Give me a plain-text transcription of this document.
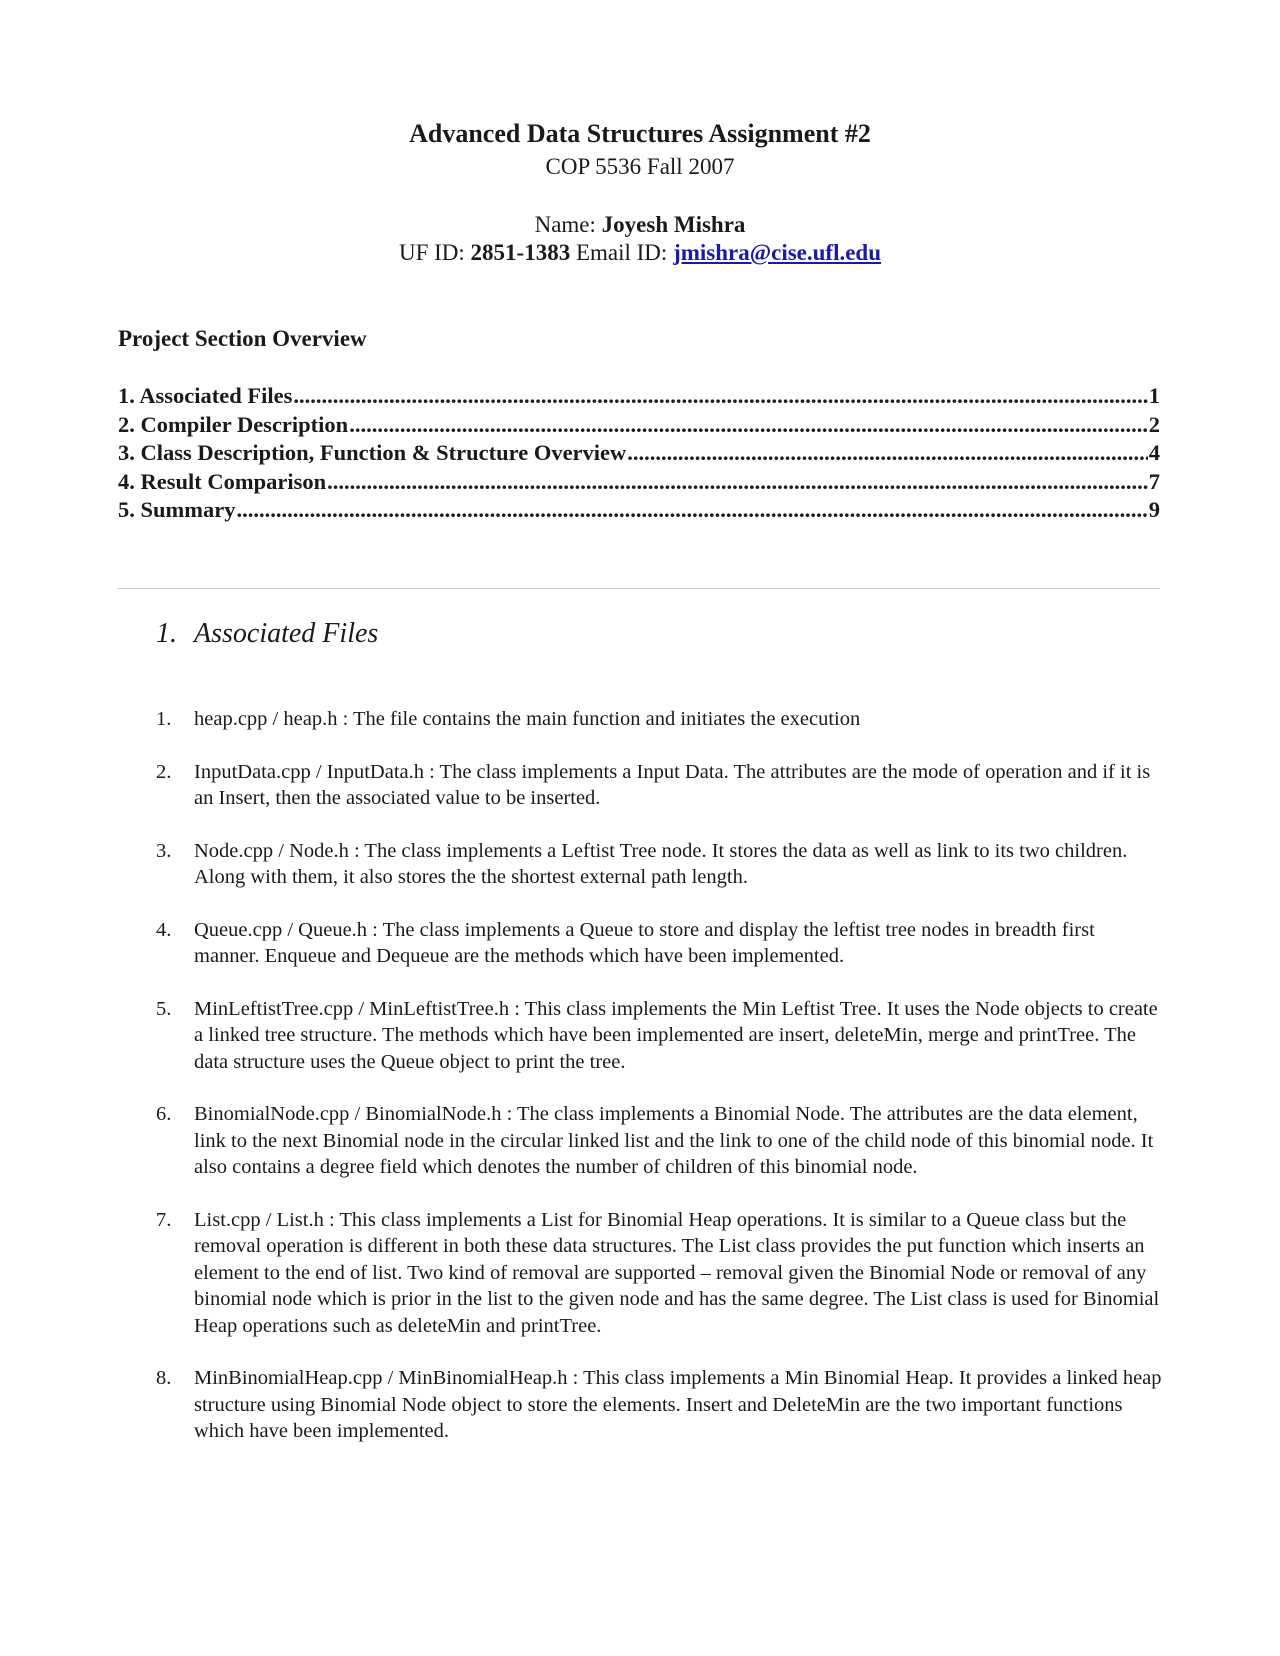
Advanced Data Structures Assignment #2
COP 5536 Fall 2007
Name: Joyesh Mishra
UF ID: 2851-1383 Email ID: jmishra@cise.ufl.edu
Project Section Overview
1. Associated Files .....	1
2. Compiler Description .....	2
3. Class Description, Function & Structure Overview .....	4
4. Result Comparison .....	7
5. Summary .....	9
1. Associated Files
1.	heap.cpp / heap.h : The file contains the main function and initiates the execution
2.	InputData.cpp / InputData.h : The class implements a Input Data. The attributes are the mode of operation and if it is an Insert, then the associated value to be inserted.
3.	Node.cpp / Node.h : The class implements a Leftist Tree node. It stores the data as well as link to its two children. Along with them, it also stores the the shortest external path length.
4.	Queue.cpp / Queue.h : The class implements a Queue to store and display the leftist tree nodes in breadth first manner. Enqueue and Dequeue are the methods which have been implemented.
5.	MinLeftistTree.cpp / MinLeftistTree.h : This class implements the Min Leftist Tree. It uses the Node objects to create a linked tree structure. The methods which have been implemented are insert, deleteMin, merge and printTree. The data structure uses the Queue object to print the tree.
6.	BinomialNode.cpp / BinomialNode.h : The class implements a Binomial Node. The attributes are the data element, link to the next Binomial node in the circular linked list and the link to one of the child node of this binomial node. It also contains a degree field which denotes the number of children of this binomial node.
7.	List.cpp / List.h : This class implements a List for Binomial Heap operations. It is similar to a Queue class but the removal operation is different in both these data structures. The List class provides the put function which inserts an element to the end of list. Two kind of removal are supported – removal given the Binomial Node or removal of any binomial node which is prior in the list to the given node and has the same degree. The List class is used for Binomial Heap operations such as deleteMin and printTree.
8.	MinBinomialHeap.cpp / MinBinomialHeap.h : This class implements a Min Binomial Heap. It provides a linked heap structure using Binomial Node object to store the elements. Insert and DeleteMin are the two important functions which have been implemented.
